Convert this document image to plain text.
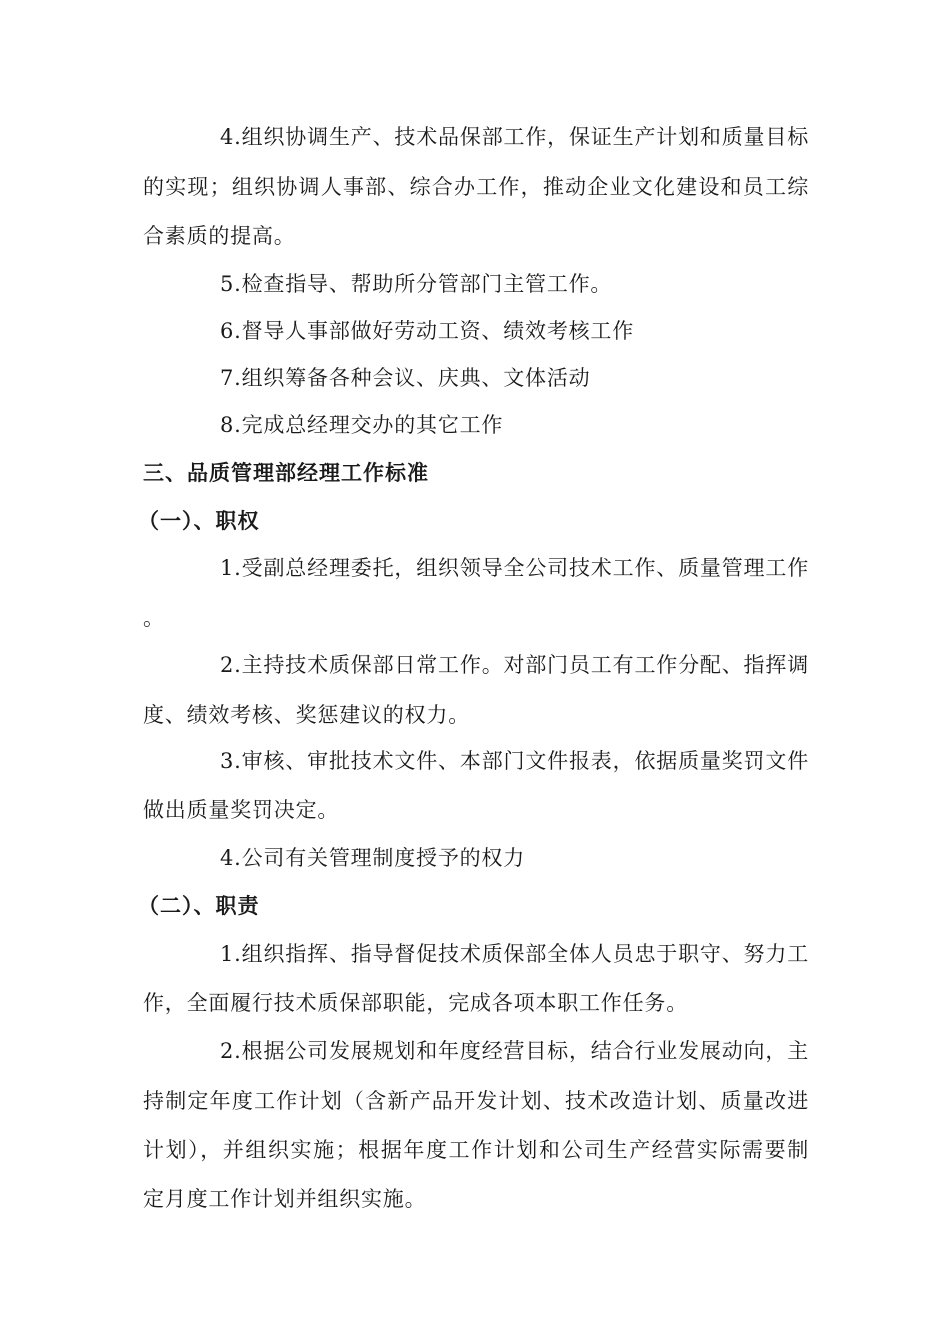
4.组织协调生产、技术品保部工作，保证生产计划和质量目标
的实现；组织协调人事部、综合办工作，推动企业文化建设和员工综
合素质的提高。
5.检查指导、帮助所分管部门主管工作。
6.督导人事部做好劳动工资、绩效考核工作
7.组织筹备各种会议、庆典、文体活动
8.完成总经理交办的其它工作
三、品质管理部经理工作标准
（一）、职权
1.受副总经理委托，组织领导全公司技术工作、质量管理工作
。
2.主持技术质保部日常工作。对部门员工有工作分配、指挥调
度、绩效考核、奖惩建议的权力。
3.审核、审批技术文件、本部门文件报表，依据质量奖罚文件
做出质量奖罚决定。
4.公司有关管理制度授予的权力
（二）、职责
1.组织指挥、指导督促技术质保部全体人员忠于职守、努力工
作，全面履行技术质保部职能，完成各项本职工作任务。
2.根据公司发展规划和年度经营目标，结合行业发展动向，主
持制定年度工作计划（含新产品开发计划、技术改造计划、质量改进
计划），并组织实施；根据年度工作计划和公司生产经营实际需要制
定月度工作计划并组织实施。
